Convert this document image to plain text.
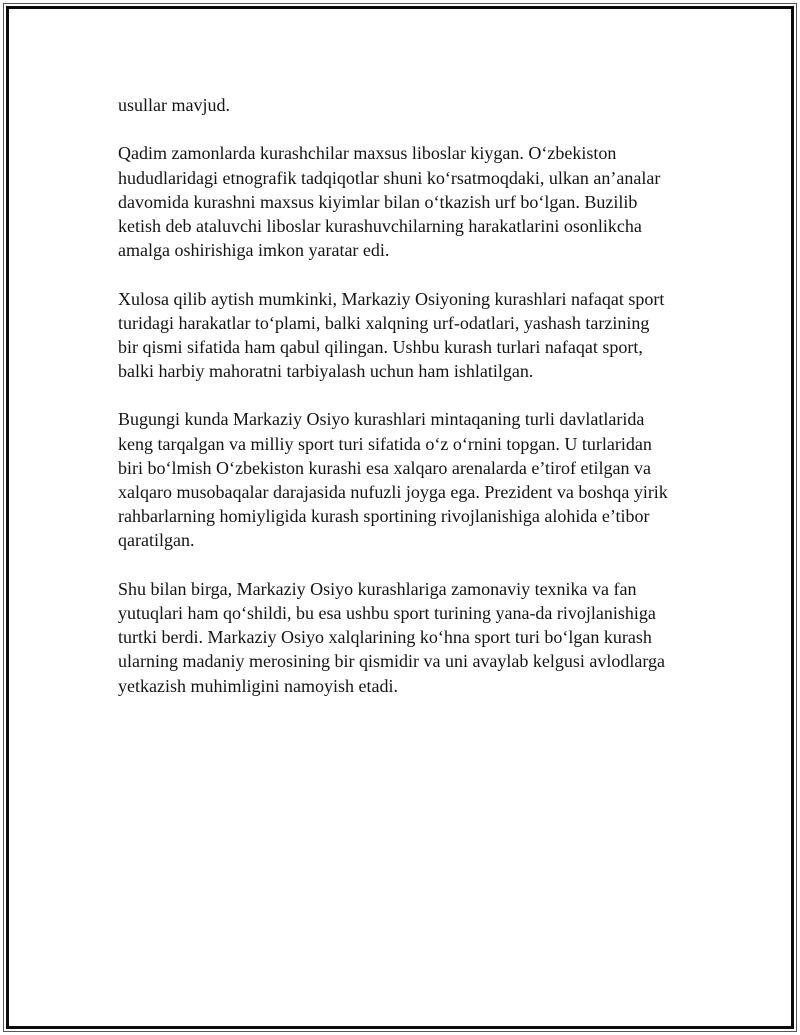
usullar mavjud.
Qadim zamonlarda kurashchilar maxsus liboslar kiygan. O‘zbekiston
hududlaridagi etnografik tadqiqotlar shuni ko‘rsatmoqdaki, ulkan an’analar
davomida kurashni maxsus kiyimlar bilan o‘tkazish urf bo‘lgan. Buzilib
ketish deb ataluvchi liboslar kurashuvchilarning harakatlarini osonlikcha
amalga oshirishiga imkon yaratar edi.
Xulosa qilib aytish mumkinki, Markaziy Osiyoning kurashlari nafaqat sport
turidagi harakatlar to‘plami, balki xalqning urf-odatlari, yashash tarzining
bir qismi sifatida ham qabul qilingan. Ushbu kurash turlari nafaqat sport,
balki harbiy mahoratni tarbiyalash uchun ham ishlatilgan.
Bugungi kunda Markaziy Osiyo kurashlari mintaqaning turli davlatlarida
keng tarqalgan va milliy sport turi sifatida o‘z o‘rnini topgan. U turlaridan
biri bo‘lmish O‘zbekiston kurashi esa xalqaro arenalarda e’tirof etilgan va
xalqaro musobaqalar darajasida nufuzli joyga ega. Prezident va boshqa yirik
rahbarlarning homiyligida kurash sportining rivojlanishiga alohida e’tibor
qaratilgan.
Shu bilan birga, Markaziy Osiyo kurashlariga zamonaviy texnika va fan
yutuqlari ham qo‘shildi, bu esa ushbu sport turining yana-da rivojlanishiga
turtki berdi. Markaziy Osiyo xalqlarining ko‘hna sport turi bo‘lgan kurash
ularning madaniy merosining bir qismidir va uni avaylab kelgusi avlodlarga
yetkazish muhimligini namoyish etadi.
